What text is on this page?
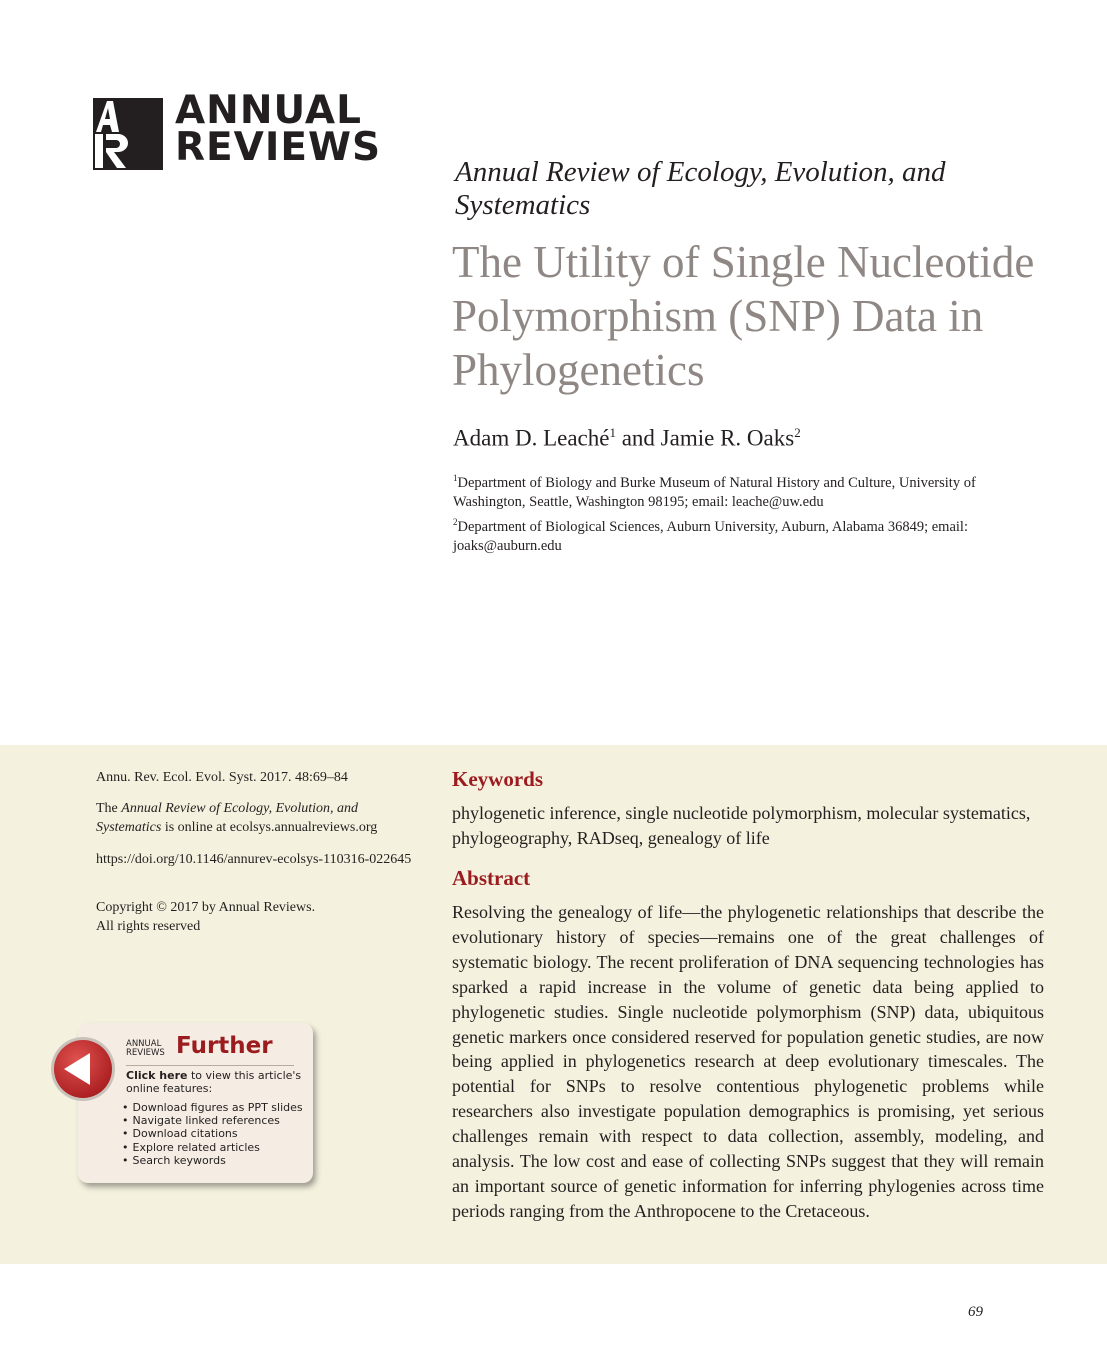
ANNUAL
REVIEWS
Annual Review of Ecology, Evolution, and Systematics
The Utility of Single Nucleotide Polymorphism (SNP) Data in Phylogenetics
Adam D. Leaché$^1$ and Jamie R. Oaks$^2$
$^1$Department of Biology and Burke Museum of Natural History and Culture, University of Washington, Seattle, Washington 98195; email: leache@uw.edu
$^2$Department of Biological Sciences, Auburn University, Auburn, Alabama 36849; email: joaks@auburn.edu
Annu. Rev. Ecol. Evol. Syst. 2017. 48:69–84
The Annual Review of Ecology, Evolution, and Systematics is online at ecolsys.annualreviews.org
https://doi.org/10.1146/annurev-ecolsys-110316-022645
Copyright © 2017 by Annual Reviews.
All rights reserved
ANNUAL
REVIEWS Further
Click here to view this article's online features:
• Download figures as PPT slides
• Navigate linked references
• Download citations
• Explore related articles
• Search keywords
Keywords
phylogenetic inference, single nucleotide polymorphism, molecular systematics, phylogeography, RADseq, genealogy of life
Abstract
Resolving the genealogy of life—the phylogenetic relationships that describe the evolutionary history of species—remains one of the great challenges of systematic biology. The recent proliferation of DNA sequencing technologies has sparked a rapid increase in the volume of genetic data being applied to phylogenetic studies. Single nucleotide polymorphism (SNP) data, ubiquitous genetic markers once considered reserved for population genetic studies, are now being applied in phylogenetics research at deep evolutionary timescales. The potential for SNPs to resolve contentious phylogenetic problems while researchers also investigate population demographics is promising, yet serious challenges remain with respect to data collection, assembly, modeling, and analysis. The low cost and ease of collecting SNPs suggest that they will remain an important source of genetic information for inferring phylogenies across time periods ranging from the Anthropocene to the Cretaceous.
69
